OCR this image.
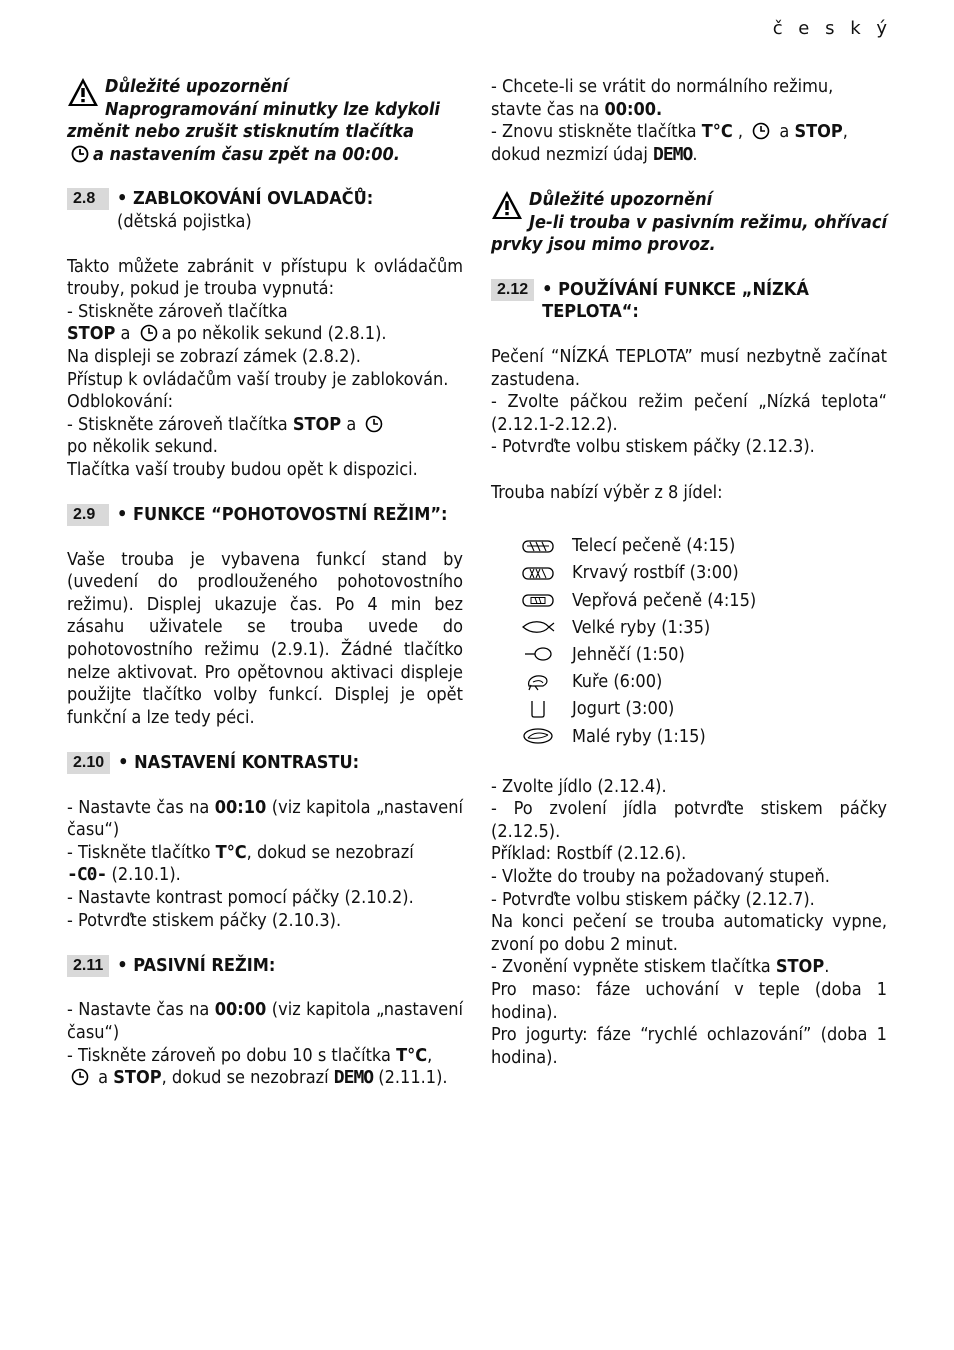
č e s k ý
Důležité upozornění
Naprogramování minutky lze kdykoli
změnit nebo zrušit stisknutím tlačítka
a nastavením času zpět na 00:00.
2.8	• ZABLOKOVÁNÍ OVLADAČŮ:
(dětská pojistka)

Takto můžete zabránit v přístupu k ovládačům trouby, pokud je trouba vypnutá:

- Stiskněte zároveň tlačítka

STOP a a po několik sekund (2.8.1).

Na displeji se zobrazí zámek (2.8.2).

Přístup k ovládačům vaší trouby je zablokován.

Odblokování:

- Stiskněte zároveň tlačítka STOP a
po několik sekund.

Tlačítka vaší trouby budou opět k dispozici.

2.9	• FUNKCE “POHOTOVOSTNÍ REŽIM”:

Vaše trouba je vybavena funkcí stand by (uvedení do prodlouženého pohotovostního režimu). Displej ukazuje čas. Po 4 min bez zásahu uživatele se trouba uvede do pohotovostního režimu (2.9.1). Žádné tlačítko nelze aktivovat. Pro opětovnou aktivaci displeje použijte tlačítko volby funkcí. Displej je opět funkční a lze tedy péci.

2.10 • NASTAVENÍ KONTRASTU:

- Nastavte čas na 00:10 (viz kapitola „nastavení času“)

- Tiskněte tlačítko T°C, dokud se nezobrazí

-C0- (2.10.1).

- Nastavte kontrast pomocí páčky (2.10.2).

- Potvrďte stiskem páčky (2.10.3).

2.11 • PASIVNÍ REŽIM:

- Nastavte čas na 00:00 (viz kapitola „nastavení času“)

- Tiskněte zároveň po dobu 10 s tlačítka T°C,  a STOP, dokud se nezobrazí DEMO (2.11.1).

- Chcete-li se vrátit do normálního režimu, stavte čas na 00:00.

- Znovu stiskněte tlačítka T°C , a STOP, dokud nezmizí údaj DEMO.

Důležité upozornění
Je-li trouba v pasivním režimu, ohřívací prvky jsou mimo provoz.
2.12 • POUŽÍVÁNÍ FUNKCE „NÍZKÁ TEPLOTA“:

Pečení “NÍZKÁ TEPLOTA” musí nezbytně začínat zastudena.

- Zvolte páčkou režim pečení „Nízká teplota“ (2.12.1-2.12.2).

- Potvrďte volbu stiskem páčky (2.12.3).

Trouba nabízí výběr z 8 jídel:

Telecí pečeně (4:15)
Krvavý rostbíf (3:00)
Vepřová pečeně (4:15)
Velké ryby (1:35)
Jehněčí (1:50)
Kuře (6:00)
Jogurt (3:00)
Malé ryby (1:15)

- Zvolte jídlo (2.12.4).

- Po zvolení jídla potvrďte stiskem páčky (2.12.5).

Příklad: Rostbíf (2.12.6).

- Vložte do trouby na požadovaný stupeň.

- Potvrďte volbu stiskem páčky (2.12.7).

Na konci pečení se trouba automaticky vypne, zvoní po dobu 2 minut.

- Zvonění vypněte stiskem tlačítka STOP.

Pro maso: fáze uchování v teple (doba 1 hodina).

Pro jogurty: fáze “rychlé ochlazování” (doba 1 hodina).
